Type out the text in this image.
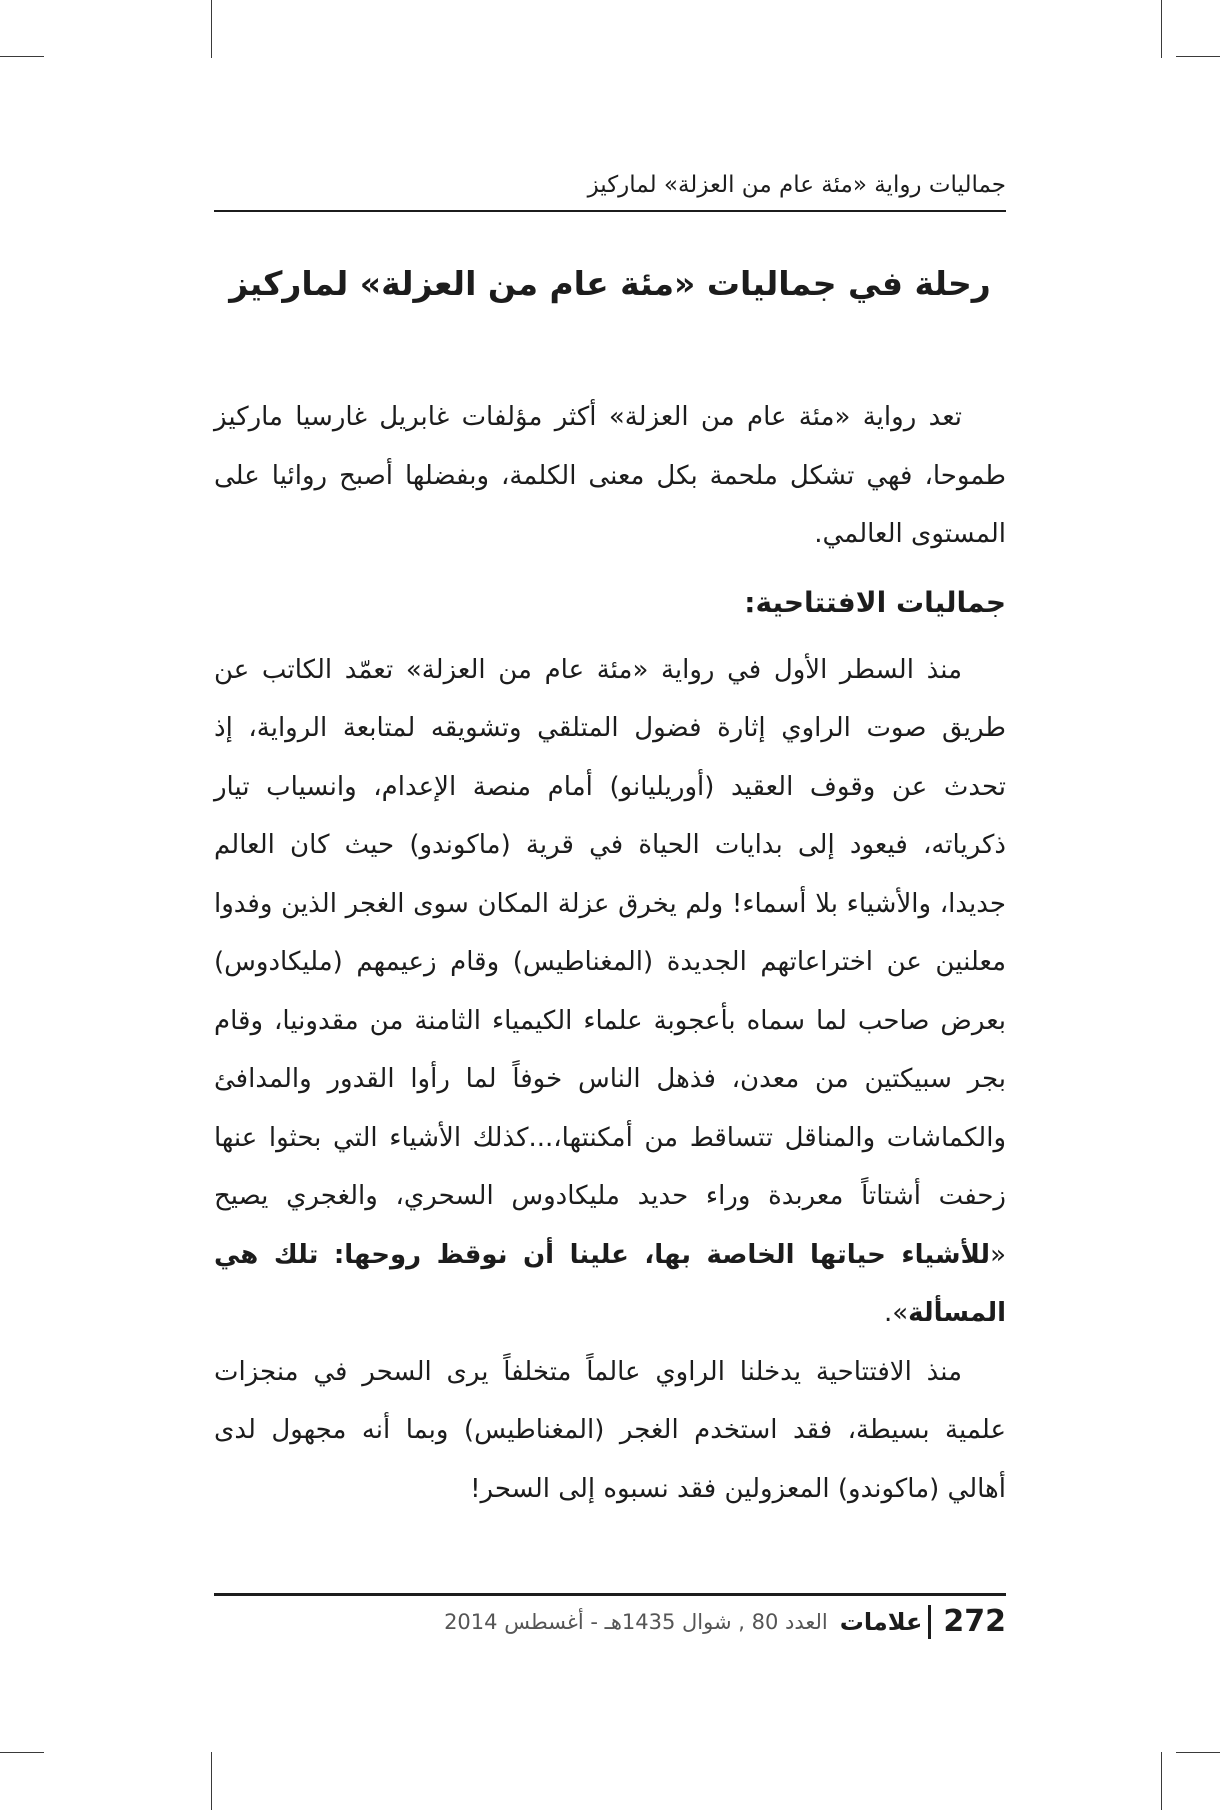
جماليات رواية «مئة عام من العزلة» لماركيز
رحلة في جماليات «مئة عام من العزلة» لماركيز

تعد رواية «مئة عام من العزلة» أكثر مؤلفات غابريل غارسيا ماركيز طموحا، فهي تشكل ملحمة بكل معنى الكلمة، وبفضلها أصبح روائيا على المستوى العالمي.

جماليات الافتتاحية:

منذ السطر الأول في رواية «مئة عام من العزلة» تعمّد الكاتب عن طريق صوت الراوي إثارة فضول المتلقي وتشويقه لمتابعة الرواية، إذ تحدث عن وقوف العقيد (أوريليانو) أمام منصة الإعدام، وانسياب تيار ذكرياته، فيعود إلى بدايات الحياة في قرية (ماكوندو) حيث كان العالم جديدا، والأشياء بلا أسماء! ولم يخرق عزلة المكان سوى الغجر الذين وفدوا معلنين عن اختراعاتهم الجديدة (المغناطيس) وقام زعيمهم (مليكادوس) بعرض صاحب لما سماه بأعجوبة علماء الكيمياء الثامنة من مقدونيا، وقام بجر سبيكتين من معدن، فذهل الناس خوفاً لما رأوا القدور والمدافئ والكماشات والمناقل تتساقط من أمكنتها،...كذلك الأشياء التي بحثوا عنها زحفت أشتاتاً معربدة وراء حديد مليكادوس السحري، والغجري يصيح «للأشياء حياتها الخاصة بها، علينا أن نوقظ روحها: تلك هي المسألة».

منذ الافتتاحية يدخلنا الراوي عالماً متخلفاً يرى السحر في منجزات علمية بسيطة، فقد استخدم الغجر (المغناطيس) وبما أنه مجهول لدى أهالي (ماكوندو) المعزولين فقد نسبوه إلى السحر!

272
علامات
العدد 80 , شوال 1435هـ - أغسطس 2014
